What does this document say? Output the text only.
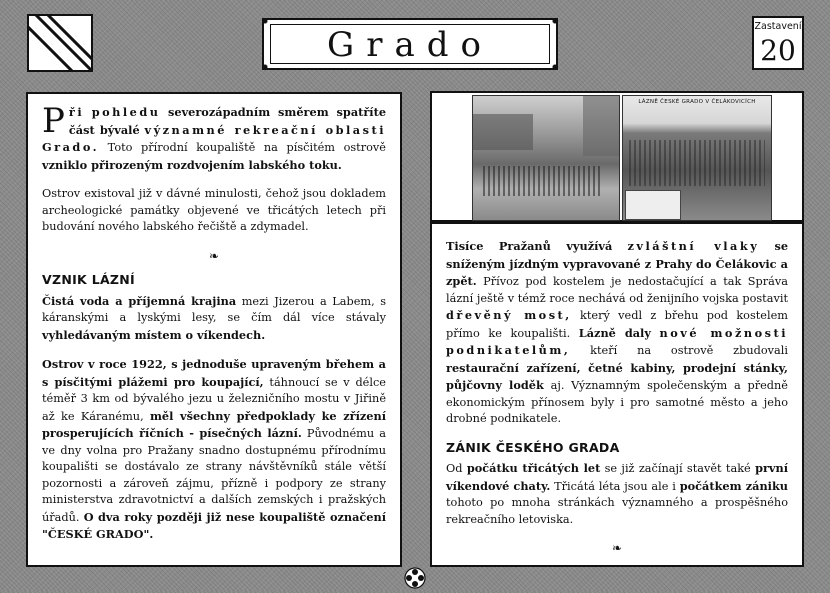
Grado	Zastavení
20

Při pohledu severozápadním směrem spatříte část bývalé významné rekreační oblasti Grado. Toto přírodní koupaliště na písčitém ostrově vzniklo přirozeným rozdvojením labského toku.

Ostrov existoval již v dávné minulosti, čehož jsou dokladem archeologické památky objevené ve třicátých letech při budování nového labského řečiště a zdymadel.

❧
VZNIK LÁZNÍ

Čistá voda a příjemná krajina mezi Jizerou a Labem, s káranskými a lyskými lesy, se čím dál více stávaly vyhledávaným místem o víkendech.

Ostrov v roce 1922, s jednoduše upraveným břehem a s písčitými plážemi pro koupající, táhnoucí se v délce téměř 3 km od bývalého jezu u železničního mostu v Jiřině až ke Káranému, měl všechny předpoklady ke zřízení prosperujících říčních - písečných lázní. Původnému a ve dny volna pro Pražany snadno dostupnému přírodnímu koupališti se dostávalo ze strany návštěvníků stále větší pozornosti a zároveň zájmu, přízně i podpory ze strany ministerstva zdravotnictví a dalších zemských i pražských úřadů. O dva roky později již nese koupaliště označení "ČESKÉ GRADO".

LÁZNĚ ČESKÉ GRADO V ČELÁKOVICÍCH

Tisíce Pražanů využívá zvláštní vlaky se sníženým jízdným vypravované z Prahy do Čelákovic a zpět. Přívoz pod kostelem je nedostačující a tak Správa lázní ještě v témž roce nechává od ženijního vojska postavit dřevěný most, který vedl z břehu pod kostelem přímo ke koupališti. Lázně daly nové možnosti podnikatelům, kteří na ostrově zbudovali restaurační zařízení, četné kabiny, prodejní stánky, půjčovny loděk aj. Významným společenským a předně ekonomickým přínosem byly i pro samotné město a jeho drobné podnikatele.

ZÁNIK ČESKÉHO GRADA

Od počátku třicátých let se již začínají stavět také první víkendové chaty. Třicátá léta jsou ale i počátkem zániku tohoto po mnoha stránkách významného a prospěšného rekreačního letoviska.

❧
